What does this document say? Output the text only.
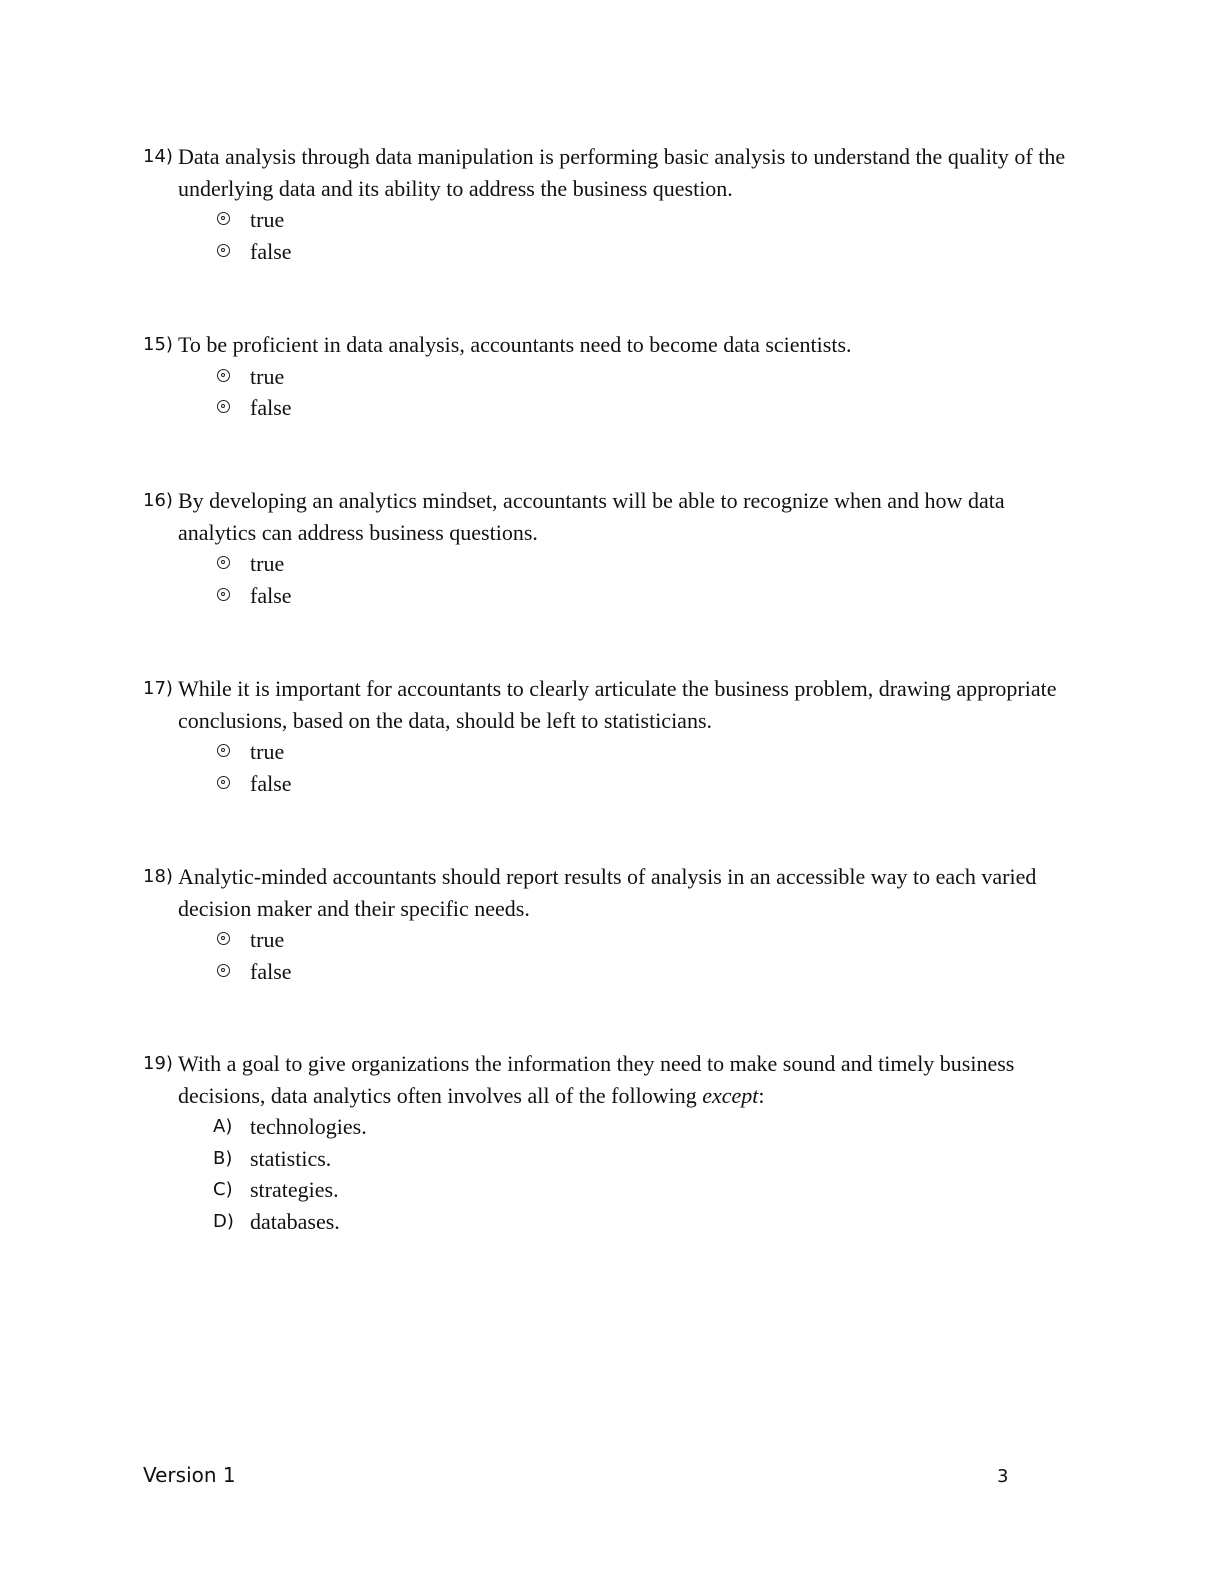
14) Data analysis through data manipulation is performing basic analysis to understand the quality of the underlying data and its ability to address the business question.
true
false
15) To be proficient in data analysis, accountants need to become data scientists.
true
false
16) By developing an analytics mindset, accountants will be able to recognize when and how data analytics can address business questions.
true
false
17) While it is important for accountants to clearly articulate the business problem, drawing appropriate conclusions, based on the data, should be left to statisticians.
true
false
18) Analytic-minded accountants should report results of analysis in an accessible way to each varied decision maker and their specific needs.
true
false
19) With a goal to give organizations the information they need to make sound and timely business decisions, data analytics often involves all of the following except:
A) technologies.
B) statistics.
C) strategies.
D) databases.
Version 1	3
